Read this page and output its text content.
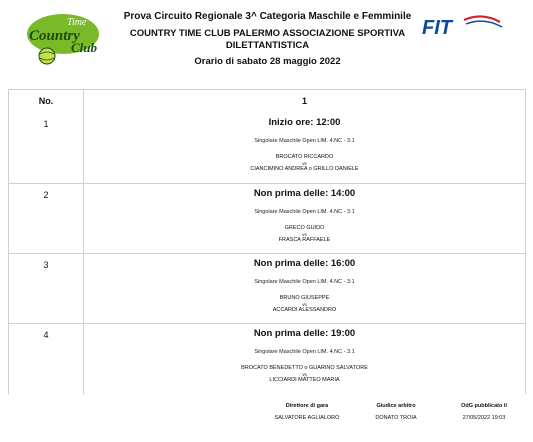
Country
Time
Club
Prova Circuito Regionale 3^ Categoria Maschile e Femminile
COUNTRY TIME CLUB PALERMO ASSOCIAZIONE SPORTIVA
DILETTANTISTICA
Orario di sabato 28 maggio 2022
FIT
No.	1
1	Inizio ore: 12:00
Singolare Maschile Open LIM. 4.NC - 3.1
BROCATO RICCARDO
vs
CIANCIMINO ANDREA o GRILLO DANIELE
2	Non prima delle: 14:00
Singolare Maschile Open LIM. 4.NC - 3.1
GRECO GUIDO
vs
FRASCA RAFFAELE
3	Non prima delle: 16:00
Singolare Maschile Open LIM. 4.NC - 3.1
BRUNO GIUSEPPE
vs
ACCARDI ALESSANDRO
4	Non prima delle: 19:00
Singolare Maschile Open LIM. 4.NC - 3.1
BROCATO BENEDETTO o GUARINO SALVATORE
vs
LICCIARDI MATTEO MARIA
Direttore di gara
SALVATORE AGLIALORO
Giudice arbitro
DONATO TROIA
OdG pubblicato il
27/05/2022 19:03
